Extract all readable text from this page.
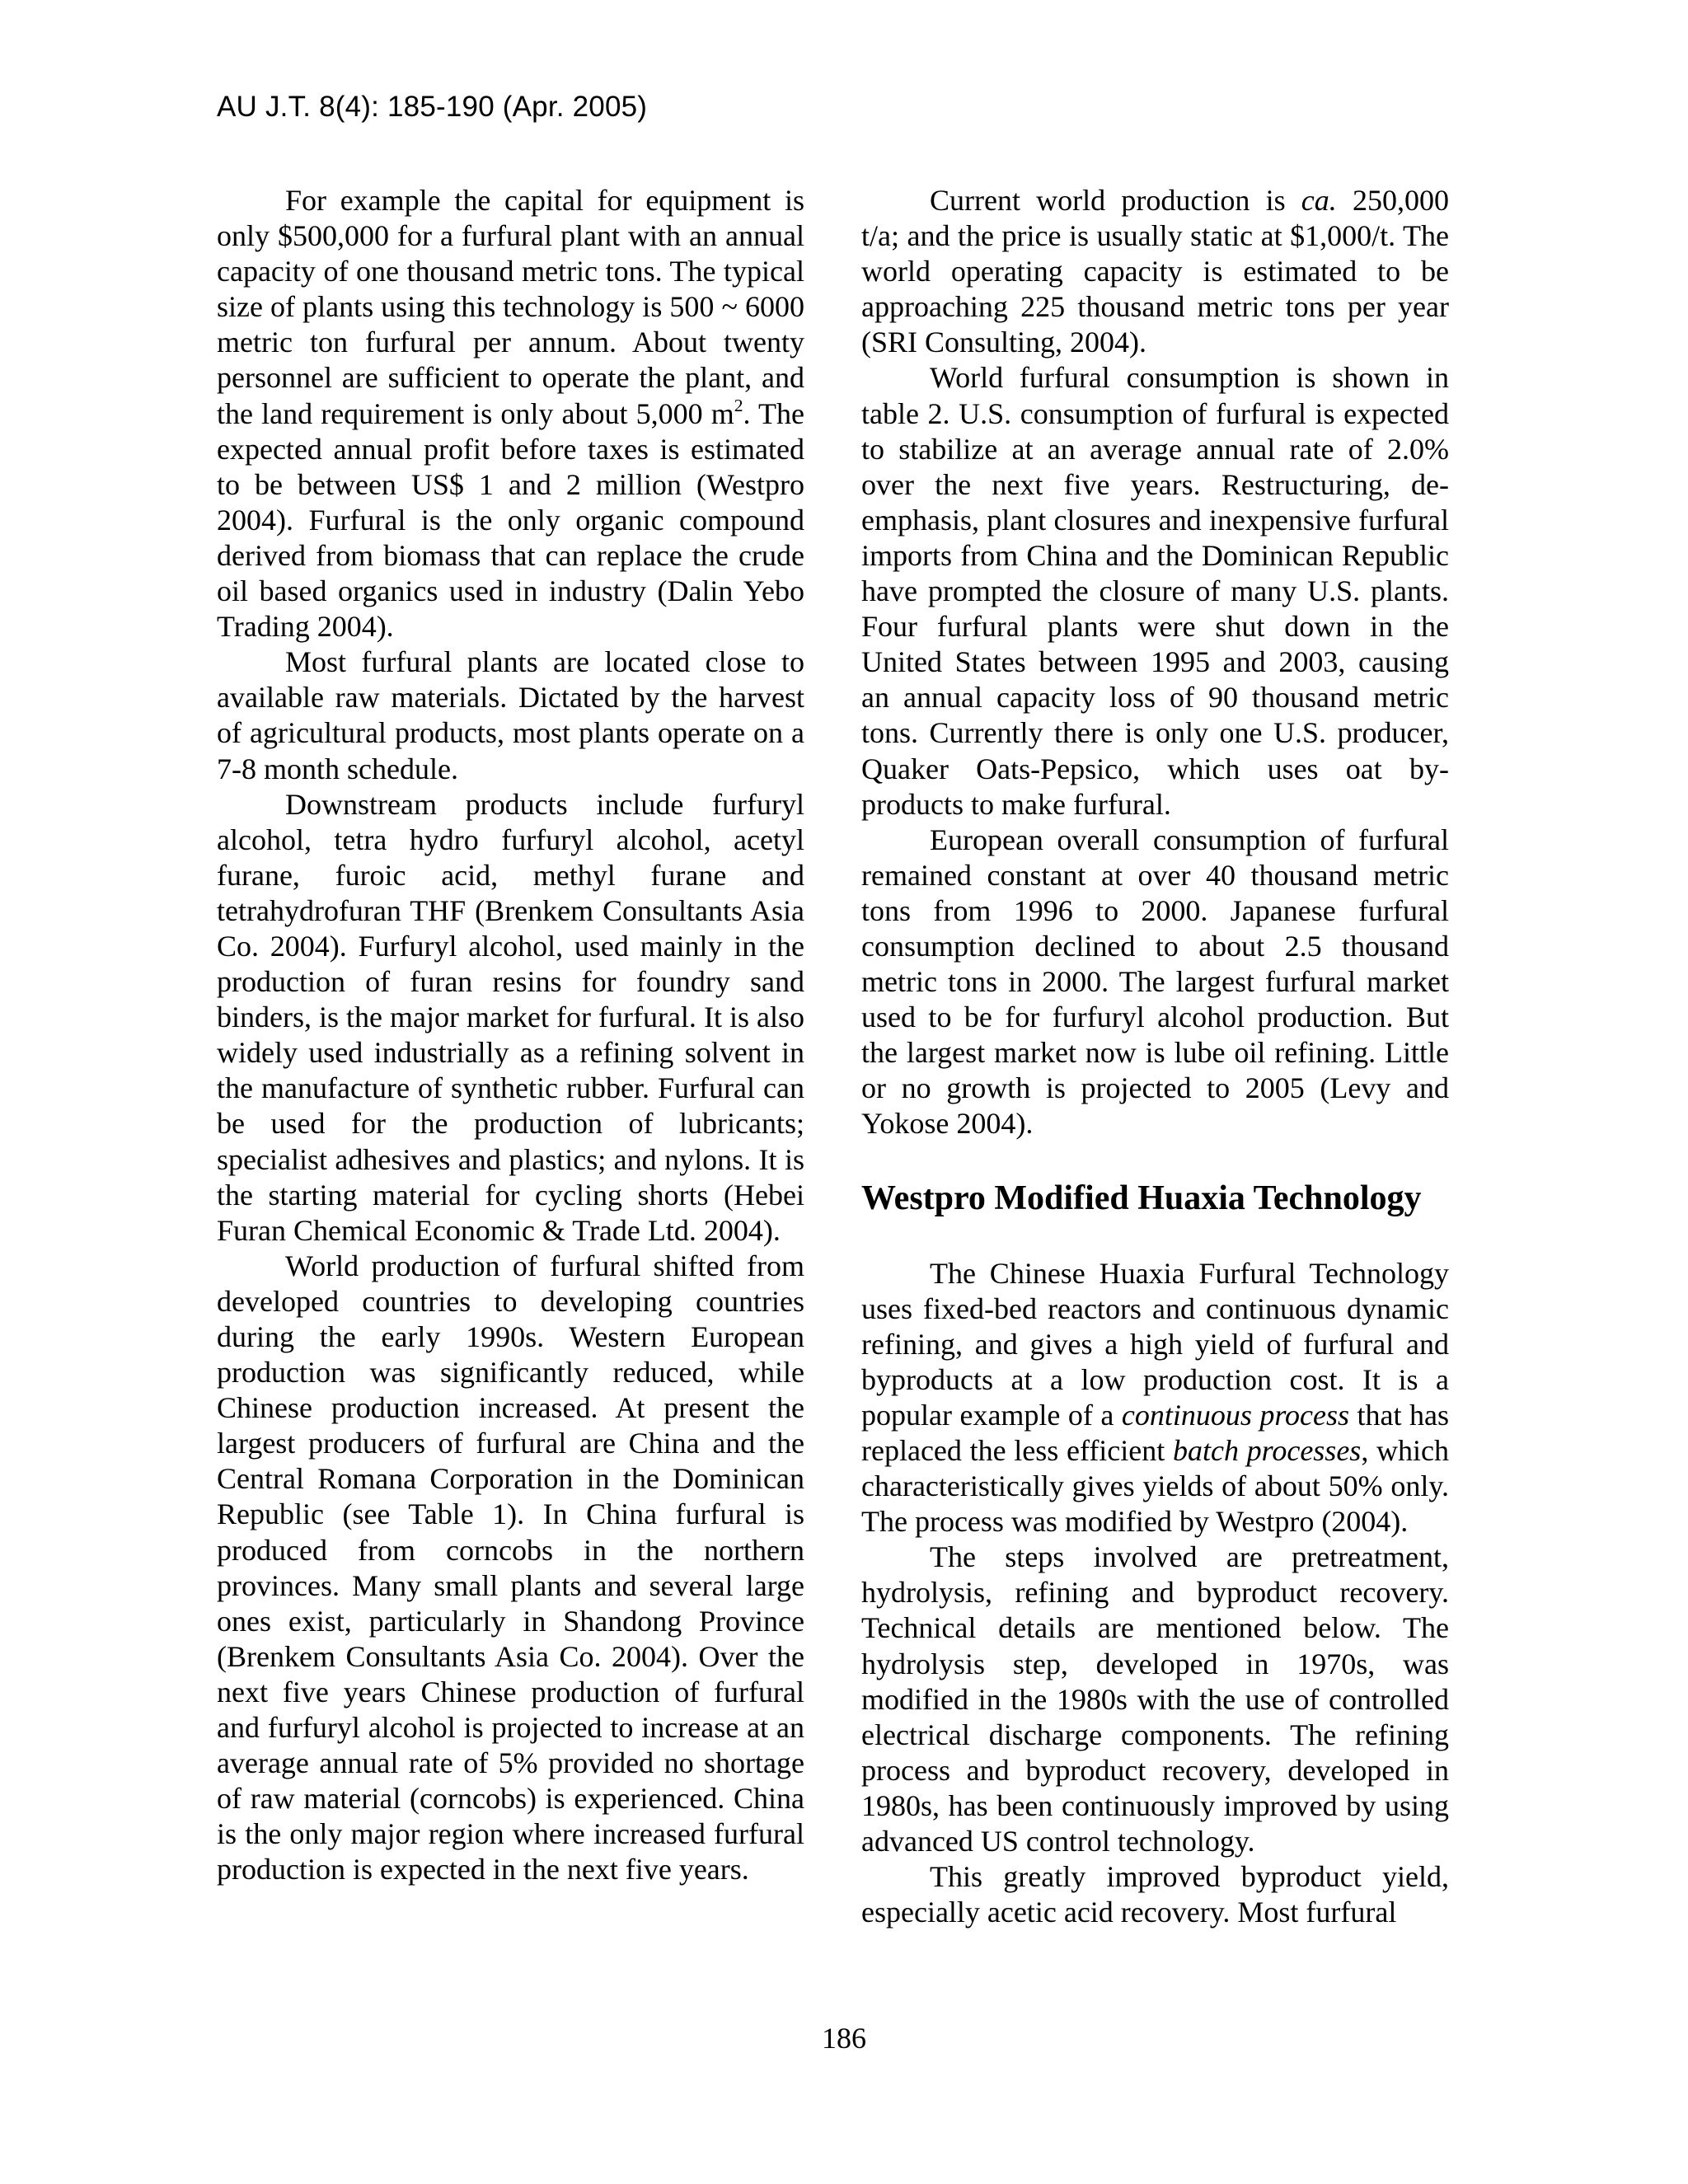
AU J.T. 8(4): 185-190 (Apr. 2005)

For example the capital for equipment is only $500,000 for a furfural plant with an annual capacity of one thousand metric tons. The typical size of plants using this technology is 500 ~ 6000 metric ton furfural per annum. About twenty personnel are sufficient to operate the plant, and the land requirement is only about 5,000 $m^2$. The expected annual profit before taxes is estimated to be between US$ 1 and 2 million (Westpro 2004). Furfural is the only organic compound derived from biomass that can replace the crude oil based organics used in industry (Dalin Yebo Trading 2004).

Most furfural plants are located close to available raw materials. Dictated by the harvest of agricultural products, most plants operate on a 7-8 month schedule.

Downstream products include furfuryl alcohol, tetra hydro furfuryl alcohol, acetyl furane, furoic acid, methyl furane and tetrahydrofuran THF (Brenkem Consultants Asia Co. 2004). Furfuryl alcohol, used mainly in the production of furan resins for foundry sand binders, is the major market for furfural. It is also widely used industrially as a refining solvent in the manufacture of synthetic rubber. Furfural can be used for the production of lubricants; specialist adhesives and plastics; and nylons. It is the starting material for cycling shorts (Hebei Furan Chemical Economic & Trade Ltd. 2004).

World production of furfural shifted from developed countries to developing countries during the early 1990s. Western European production was significantly reduced, while Chinese production increased. At present the largest producers of furfural are China and the Central Romana Corporation in the Dominican Republic (see Table 1). In China furfural is produced from corncobs in the northern provinces. Many small plants and several large ones exist, particularly in Shandong Province (Brenkem Consultants Asia Co. 2004). Over the next five years Chinese production of furfural and furfuryl alcohol is projected to increase at an average annual rate of 5% provided no shortage of raw material (corncobs) is experienced. China is the only major region where increased furfural production is expected in the next five years.

Current world production is ca. 250,000 t/a; and the price is usually static at $1,000/t. The world operating capacity is estimated to be approaching 225 thousand metric tons per year (SRI Consulting, 2004).

World furfural consumption is shown in table 2. U.S. consumption of furfural is expected to stabilize at an average annual rate of 2.0% over the next five years. Restructuring, de-emphasis, plant closures and inexpensive furfural imports from China and the Dominican Republic have prompted the closure of many U.S. plants. Four furfural plants were shut down in the United States between 1995 and 2003, causing an annual capacity loss of 90 thousand metric tons. Currently there is only one U.S. producer, Quaker Oats-Pepsico, which uses oat by-products to make furfural.

European overall consumption of furfural remained constant at over 40 thousand metric tons from 1996 to 2000. Japanese furfural consumption declined to about 2.5 thousand metric tons in 2000. The largest furfural market used to be for furfuryl alcohol production. But the largest market now is lube oil refining. Little or no growth is projected to 2005 (Levy and Yokose 2004).

Westpro Modified Huaxia Technology

The Chinese Huaxia Furfural Technology uses fixed-bed reactors and continuous dynamic refining, and gives a high yield of furfural and byproducts at a low production cost. It is a popular example of a continuous process that has replaced the less efficient batch processes, which characteristically gives yields of about 50% only. The process was modified by Westpro (2004).

The steps involved are pretreatment, hydrolysis, refining and byproduct recovery. Technical details are mentioned below. The hydrolysis step, developed in 1970s, was modified in the 1980s with the use of controlled electrical discharge components. The refining process and byproduct recovery, developed in 1980s, has been continuously improved by using advanced US control technology.

This greatly improved byproduct yield, especially acetic acid recovery. Most furfural

186
